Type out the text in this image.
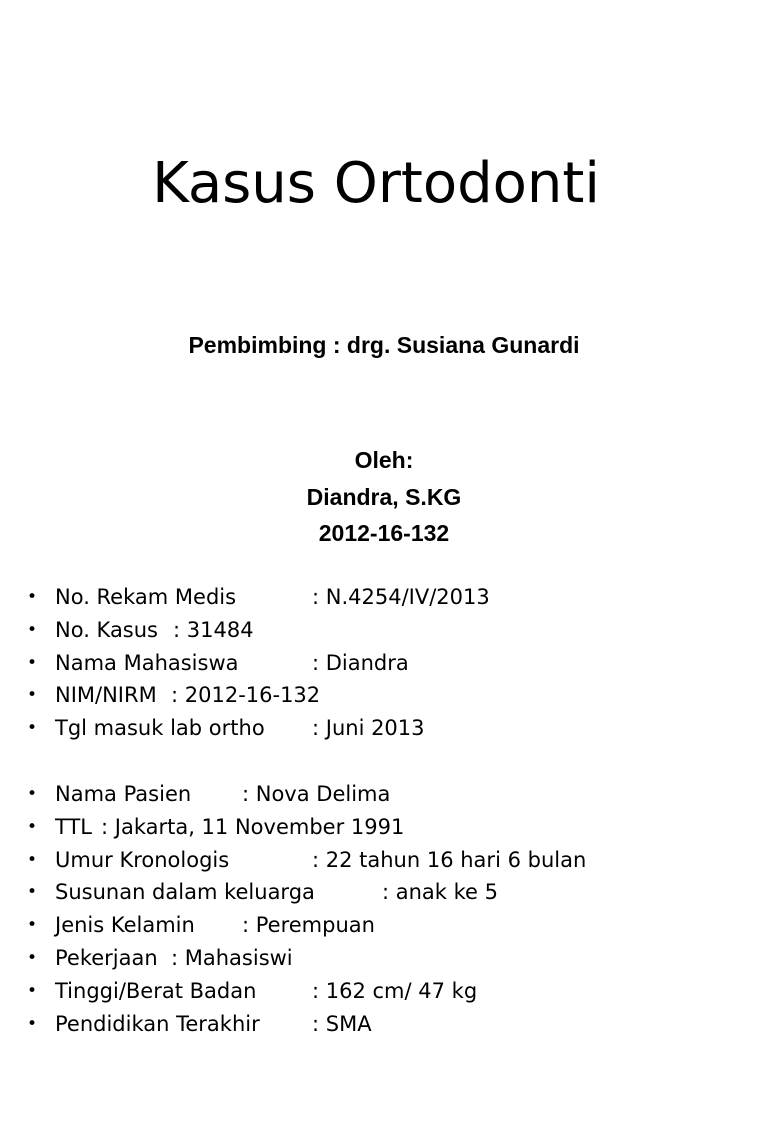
Kasus Ortodonti
Pembimbing : drg. Susiana Gunardi
Oleh:
Diandra, S.KG
2012-16-132

•

No. Rekam Medis	: N.4254/IV/2013

•

No. Kasus : 31484

•

Nama Mahasiswa	: Diandra

•

NIM/NIRM : 2012-16-132

•

Tgl masuk lab ortho : Juni 2013

•

Nama Pasien : Nova Delima

•

TTL : Jakarta, 11 November 1991

•

Umur Kronologis	: 22 tahun 16 hari 6 bulan

•

Susunan dalam keluarga	: anak ke 5

•

Jenis Kelamin : Perempuan

•

Pekerjaan : Mahasiswi

•

Tinggi/Berat Badan	: 162 cm/ 47 kg

•

Pendidikan Terakhir : SMA
